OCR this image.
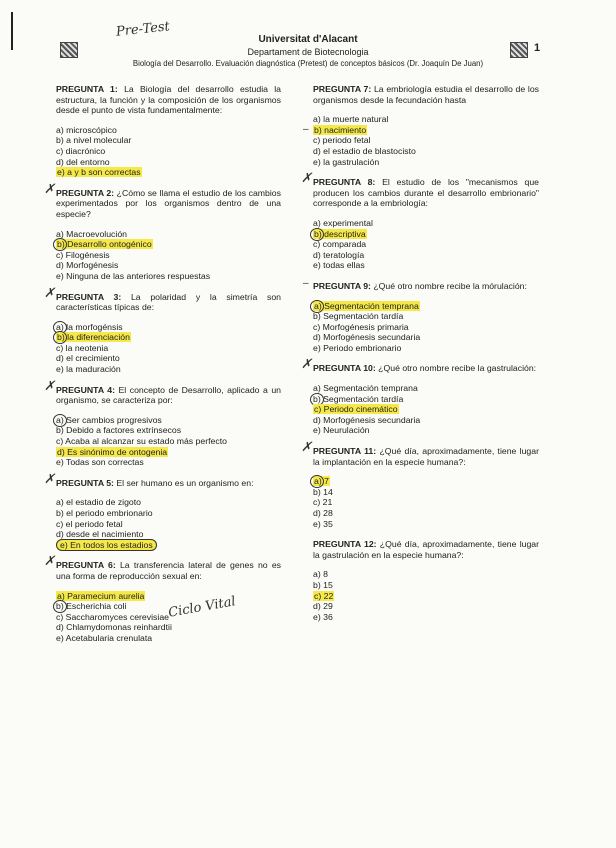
Pre-Test
Ciclo Vital
1
Universitat d'Alacant
Departament de Biotecnologia
Biología del Desarrollo. Evaluación diagnóstica (Pretest) de conceptos básicos (Dr. Joaquín De Juan)

PREGUNTA 1: La Biología del desarrollo estudia la estructura, la función y la composición de los organismos desde el punto de vista fundamentalmente:

a) microscópico
b) a nivel molecular
c) diacrónico
d) del entorno
e) a y b son correctas
✗ PREGUNTA 2: ¿Cómo se llama el estudio de los cambios experimentados por los organismos dentro de una especie?

a) Macroevolución
b) Desarrollo ontogénico
c) Filogénesis
d) Morfogénesis
e) Ninguna de las anteriores respuestas
✗ PREGUNTA 3: La polaridad y la simetría son características típicas de:

a) la morfogénsis
b) la diferenciación
c) la neotenia
d) el crecimiento
e) la maduración
✗ PREGUNTA 4: El concepto de Desarrollo, aplicado a un organismo, se caracteriza por:

a) Ser cambios progresivos
b) Debido a factores extrínsecos
c) Acaba al alcanzar su estado más perfecto
d) Es sinónimo de ontogenia
e) Todas son correctas
✗ PREGUNTA 5: El ser humano es un organismo en:

a) el estadio de zigoto
b) el periodo embrionario
c) el periodo fetal
d) desde el nacimiento
e) En todos los estadios
✗ PREGUNTA 6: La transferencia lateral de genes no es una forma de reproducción sexual en:

a) Paramecium aurelia
b) Escherichia coli
c) Saccharomyces cerevisiae
d) Chlamydomonas reinhardtii
e) Acetabularia crenulata

PREGUNTA 7: La embriología estudia el desarrollo de los organismos desde la fecundación hasta

a) la muerte natural
– b) nacimiento
c) periodo fetal
d) el estadio de blastocisto
e) la gastrulación
✗ PREGUNTA 8: El estudio de los "mecanismos que producen los cambios durante el desarrollo embrionario" corresponde a la embriología:

a) experimental
b) descriptiva
c) comparada
d) teratología
e) todas ellas
– PREGUNTA 9: ¿Qué otro nombre recibe la mórulación:

a) Segmentación temprana
b) Segmentación tardía
c) Morfogénesis primaria
d) Morfogénesis secundaria
e) Periodo embrionario
✗ PREGUNTA 10: ¿Qué otro nombre recibe la gastrulación:

a) Segmentación temprana
b) Segmentación tardía
c) Periodo cinemático
d) Morfogénesis secundaria
e) Neurulación
✗ PREGUNTA 11: ¿Qué día, aproximadamente, tiene lugar la implantación en la especie humana?:

a) 7
b) 14
c) 21
d) 28
e) 35

PREGUNTA 12: ¿Qué día, aproximadamente, tiene lugar la gastrulación en la especie humana?:

a) 8
b) 15
c) 22
d) 29
e) 36
